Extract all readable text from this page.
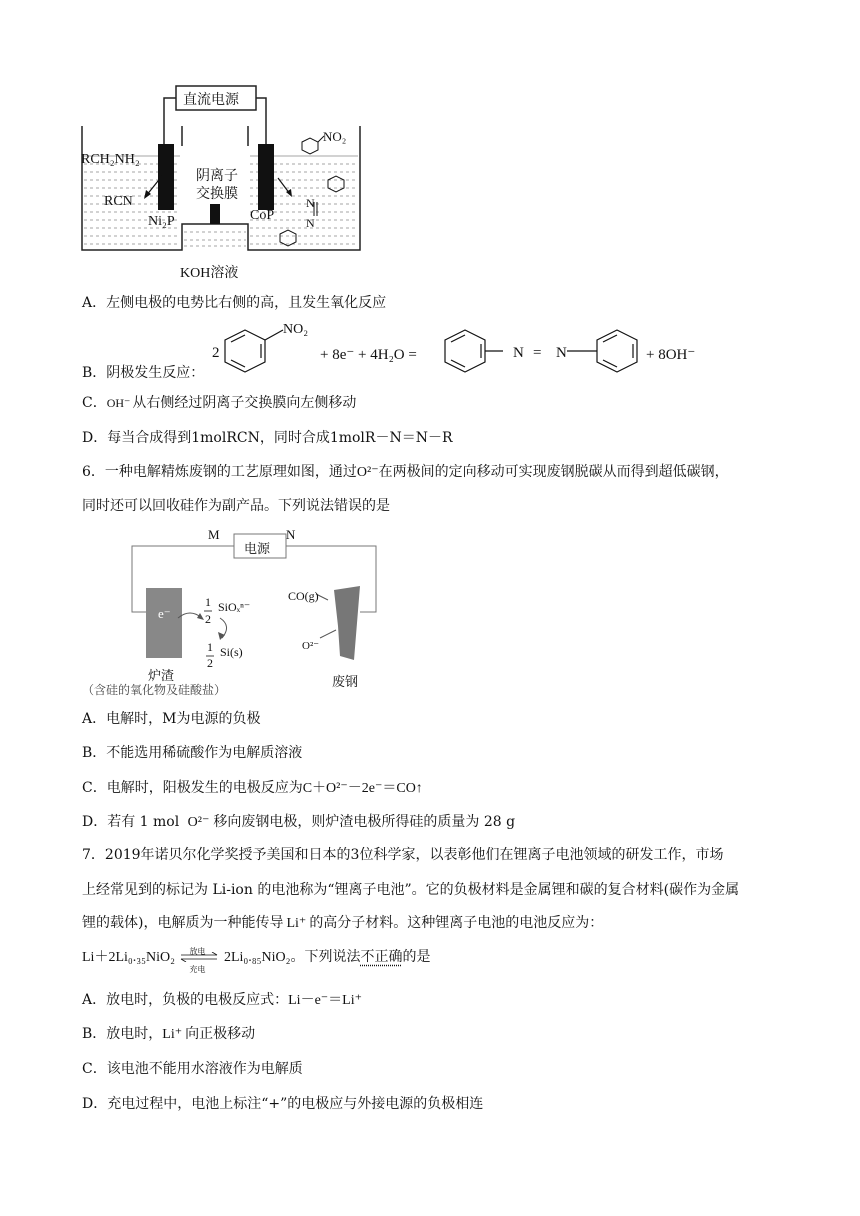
直流电源
阴离子
交换膜
RCH₂NH₂
RCN
Ni₂P	CoP
NO₂
N
N
KOH溶液
A．左侧电极的电势比右侧的高，且发生氧化反应
2
NO₂
+ 8e⁻ + 4H₂O =	N = N	+ 8OH⁻
B．阴极发生反应：
C．OH⁻ 从右侧经过阴离子交换膜向左侧移动
D．每当合成得到1molRCN，同时合成1molR－N＝N－R
6．一种电解精炼废钢的工艺原理如图，通过O²⁻在两极间的定向移动可实现废钢脱碳从而得到超低碳钢，
同时还可以回收硅作为副产品。下列说法错误的是
M	N
电源
e⁻
1
2
SiOₓⁿ⁻
1
2
Si(s)
CO(g)
O²⁻
炉渣
（含硅的氧化物及硅酸盐）
废钢
A．电解时，M为电源的负极
B．不能选用稀硫酸作为电解质溶液
C．电解时，阳极发生的电极反应为C＋O²⁻－2e⁻＝CO↑
D．若有 1 mol O²⁻ 移向废钢电极，则炉渣电极所得硅的质量为 28 g
7．2019年诺贝尔化学奖授予美国和日本的3位科学家，以表彰他们在锂离子电池领域的研发工作，市场
上经常见到的标记为 Li-ion 的电池称为“锂离子电池”。它的负极材料是金属锂和碳的复合材料(碳作为金属
锂的载体)，电解质为一种能传导 Li⁺ 的高分子材料。这种锂离子电池的电池反应为：
Li＋2Li₀.₃₅NiO₂ 放电
充电
2Li₀.₈₅NiO₂。下列说法不正确的是
A．放电时，负极的电极反应式：Li－e⁻＝Li⁺
B．放电时，Li⁺ 向正极移动
C．该电池不能用水溶液作为电解质
D．充电过程中，电池上标注“+”的电极应与外接电源的负极相连
